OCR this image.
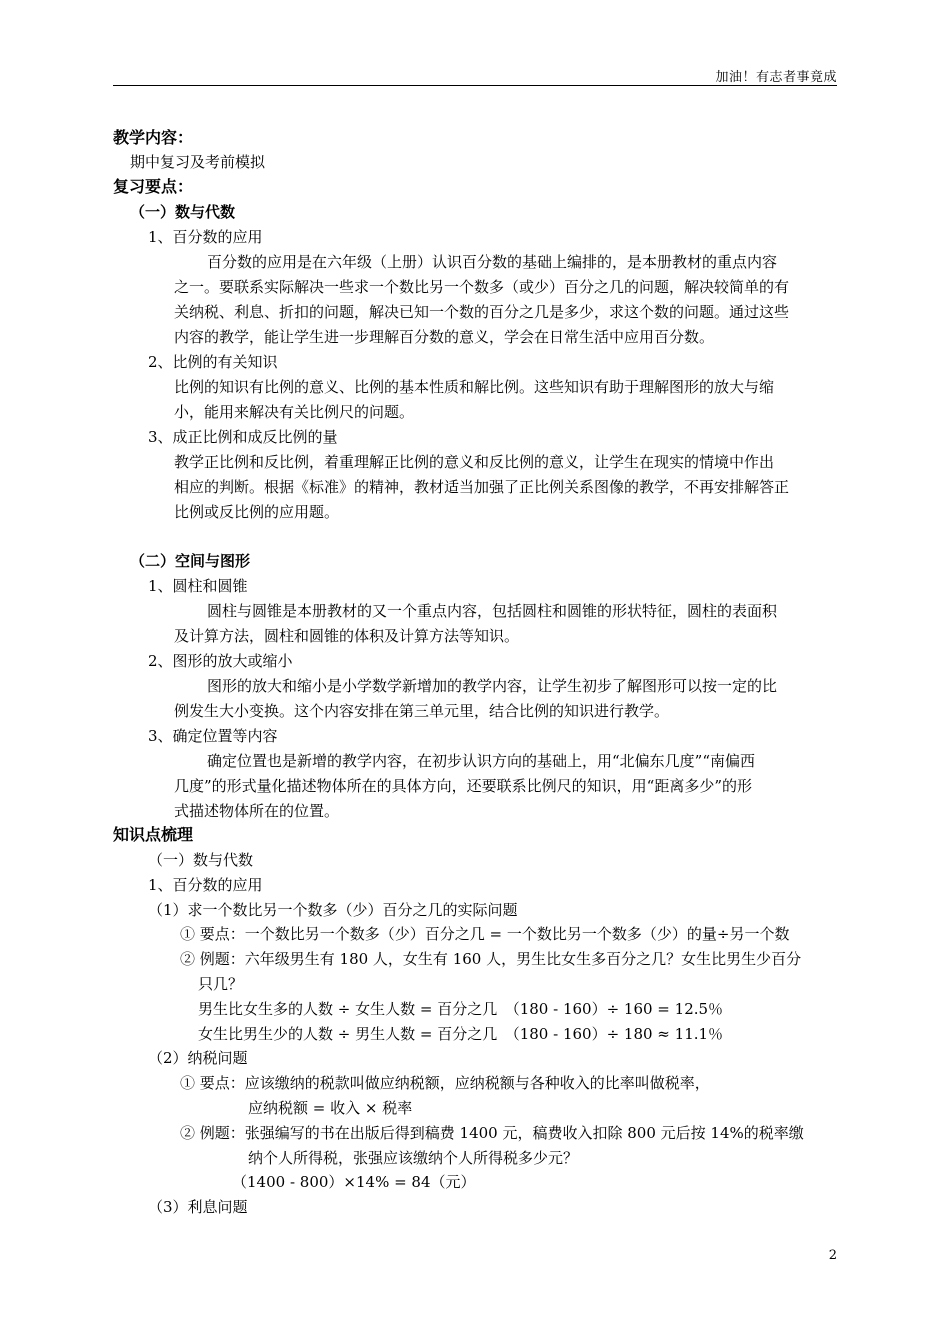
加油！有志者事竟成
教学内容：
期中复习及考前模拟
复习要点：
（一）数与代数
1、百分数的应用
百分数的应用是在六年级（上册）认识百分数的基础上编排的，是本册教材的重点内容
之一。要联系实际解决一些求一个数比另一个数多（或少）百分之几的问题，解决较简单的有
关纳税、利息、折扣的问题，解决已知一个数的百分之几是多少，求这个数的问题。通过这些
内容的教学，能让学生进一步理解百分数的意义，学会在日常生活中应用百分数。
2、比例的有关知识
比例的知识有比例的意义、比例的基本性质和解比例。这些知识有助于理解图形的放大与缩
小，能用来解决有关比例尺的问题。
3、成正比例和成反比例的量
教学正比例和反比例，着重理解正比例的意义和反比例的意义，让学生在现实的情境中作出
相应的判断。根据《标准》的精神，教材适当加强了正比例关系图像的教学，不再安排解答正
比例或反比例的应用题。
（二）空间与图形
1、圆柱和圆锥
圆柱与圆锥是本册教材的又一个重点内容，包括圆柱和圆锥的形状特征，圆柱的表面积
及计算方法，圆柱和圆锥的体积及计算方法等知识。
2、图形的放大或缩小
图形的放大和缩小是小学数学新增加的教学内容，让学生初步了解图形可以按一定的比
例发生大小变换。这个内容安排在第三单元里，结合比例的知识进行教学。
3、确定位置等内容
确定位置也是新增的教学内容，在初步认识方向的基础上，用“北偏东几度”“南偏西
几度”的形式量化描述物体所在的具体方向，还要联系比例尺的知识，用“距离多少”的形
式描述物体所在的位置。
知识点梳理
（一）数与代数
1、百分数的应用
（1）求一个数比另一个数多（少）百分之几的实际问题
① 要点：一个数比另一个数多（少）百分之几 = 一个数比另一个数多（少）的量÷另一个数
② 例题：六年级男生有 180 人，女生有 160 人，男生比女生多百分之几？女生比男生少百分
只几？
男生比女生多的人数 ÷ 女生人数 = 百分之几　（180 - 160）÷ 160 = 12.5％
女生比男生少的人数 ÷ 男生人数 = 百分之几　（180 - 160）÷ 180 ≈ 11.1％
（2）纳税问题
① 要点：应该缴纳的税款叫做应纳税额，应纳税额与各种收入的比率叫做税率，
应纳税额 = 收入 × 税率
② 例题：张强编写的书在出版后得到稿费 1400 元，稿费收入扣除 800 元后按 14%的税率缴
纳个人所得税，张强应该缴纳个人所得税多少元？
（1400 - 800）×14% = 84（元）
（3）利息问题
2
